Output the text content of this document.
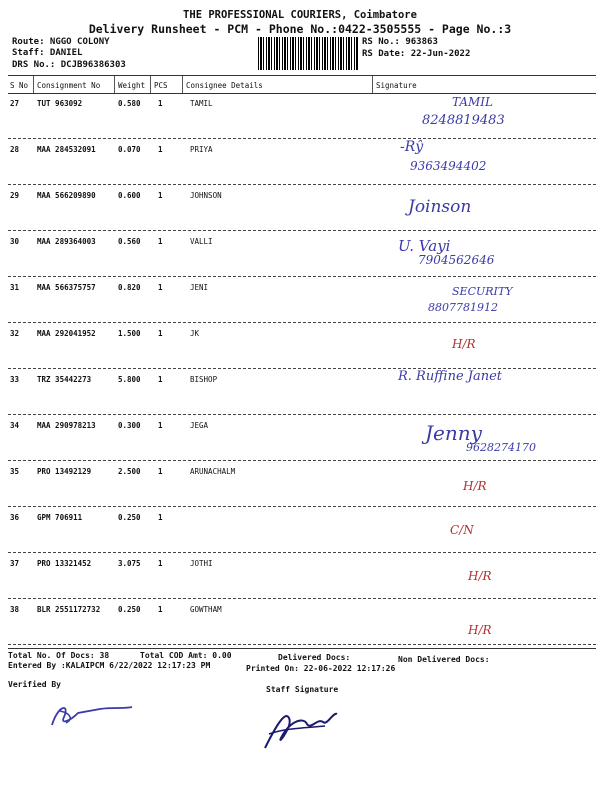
THE PROFESSIONAL COURIERS, Coimbatore
Delivery Runsheet - PCM - Phone No.:0422-3505555 - Page No.:3
Route: NGGO COLONY
Staff: DANIEL
DRS No.: DCJB96386303
RS No.: 963863
RS Date: 22-Jun-2022
S No Consignment No Weight PCS Consignee Details	Signature
27 TUT 963092	0.580 1	TAMIL	TAMIL
8248819483
28 MAA 284532091	0.070 1	PRIYA	-Rŷ
9363494402
29 MAA 566209890	0.600 1	JOHNSON
Joinson
30 MAA 289364003	0.560 1	VALLI	U. Vayi
7904562646
31 MAA 566375757	0.820 1	JENI	SECURITY
8807781912
32 MAA 292041952	1.500 1	JK
H/R
33 TRZ 35442273	5.800 1	BISHOP	R. Ruffine Janet
34 MAA 290978213	0.300 1	JEGA	Jenny
9628274170
35 PRO 13492129	2.500 1	ARUNACHALM
H/R
36 GPM 706911	0.250 1
C/N
37 PRO 13321452	3.075 1	JOTHI
H/R
38 BLR 2551172732 0.250 1	GOWTHAM
H/R
Total No. Of Docs: 38	Total COD Amt: 0.00	Delivered Docs:	Non Delivered Docs:
Entered By :KALAIPCM 6/22/2022 12:17:23 PM	Printed On: 22-06-2022 12:17:26
Verified By
Staff Signature
